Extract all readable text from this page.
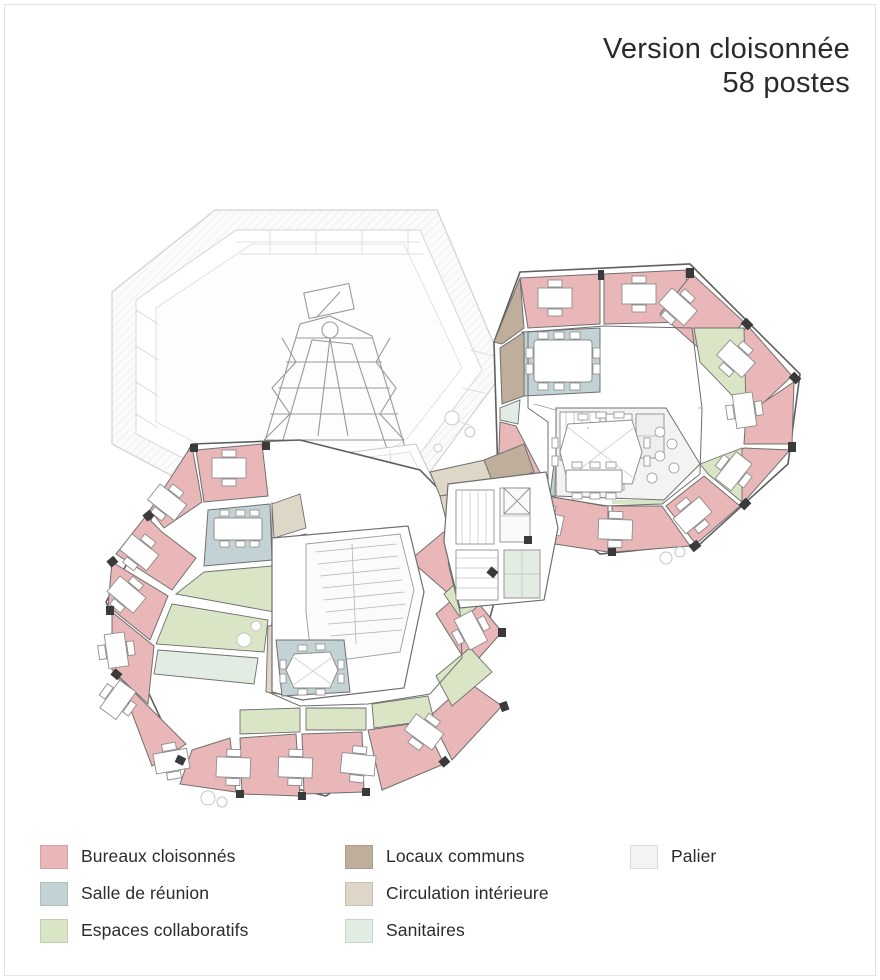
Version cloisonnée
58 postes
Bureaux cloisonnés	Locaux communs	Palier
Salle de réunion	Circulation intérieure
Espaces collaboratifs	Sanitaires
